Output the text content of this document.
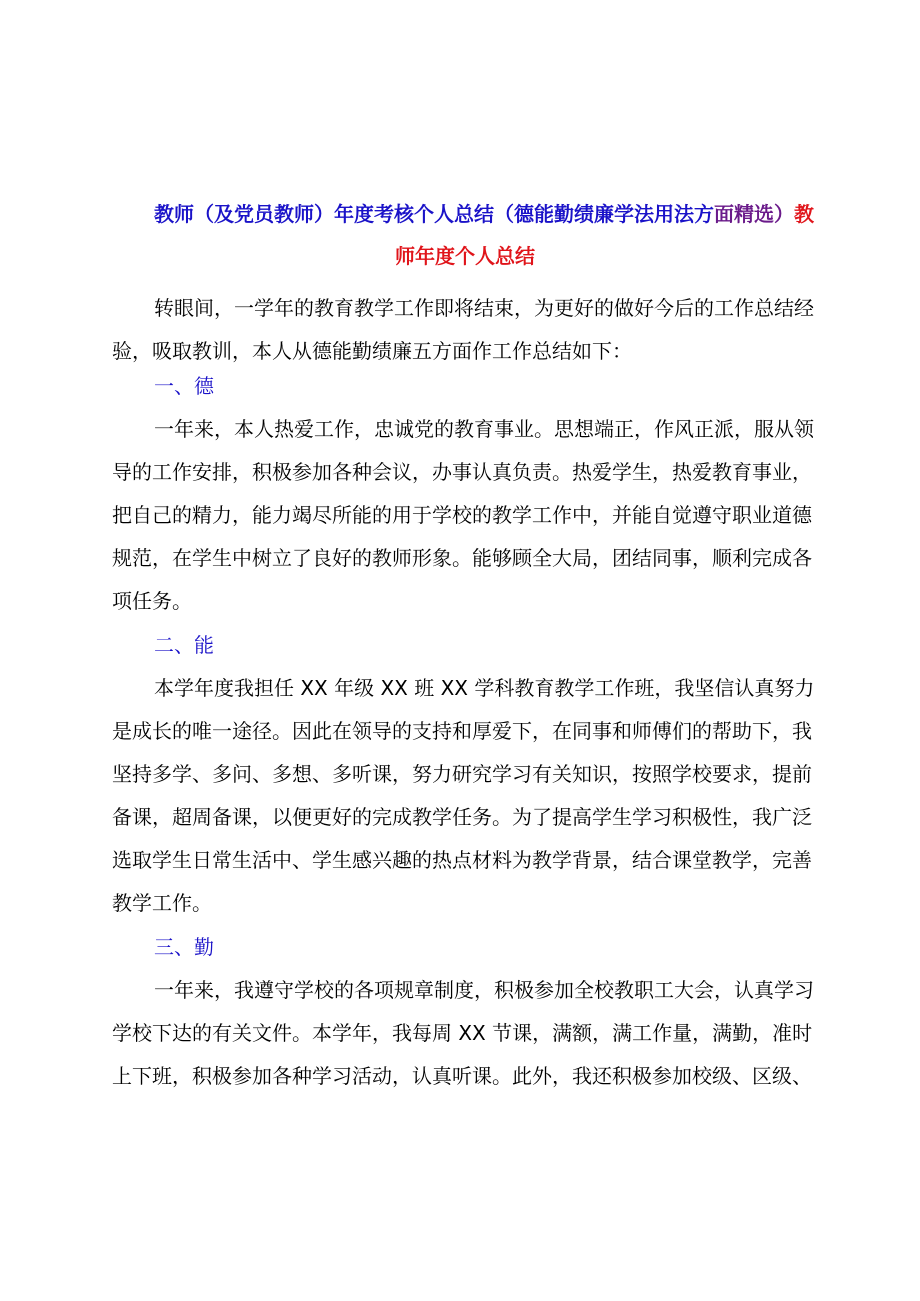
教师（及党员教师）年度考核个人总结（德能勤绩廉学法用法方面精选）教
师年度个人总结
转眼间，一学年的教育教学工作即将结束，为更好的做好今后的工作总结经
验，吸取教训，本人从德能勤绩廉五方面作工作总结如下：
一、德
一年来，本人热爱工作，忠诚党的教育事业。思想端正，作风正派，服从领
导的工作安排，积极参加各种会议，办事认真负责。热爱学生，热爱教育事业，
把自己的精力，能力竭尽所能的用于学校的教学工作中，并能自觉遵守职业道德
规范，在学生中树立了良好的教师形象。能够顾全大局，团结同事，顺利完成各
项任务。
二、能
本学年度我担任 XX 年级 XX 班 XX 学科教育教学工作班，我坚信认真努力
是成长的唯一途径。因此在领导的支持和厚爱下，在同事和师傅们的帮助下，我
坚持多学、多问、多想、多听课，努力研究学习有关知识，按照学校要求，提前
备课，超周备课，以便更好的完成教学任务。为了提高学生学习积极性，我广泛
选取学生日常生活中、学生感兴趣的热点材料为教学背景，结合课堂教学，完善
教学工作。
三、勤
一年来，我遵守学校的各项规章制度，积极参加全校教职工大会，认真学习
学校下达的有关文件。本学年，我每周 XX 节课，满额，满工作量，满勤，准时
上下班，积极参加各种学习活动，认真听课。此外，我还积极参加校级、区级、
